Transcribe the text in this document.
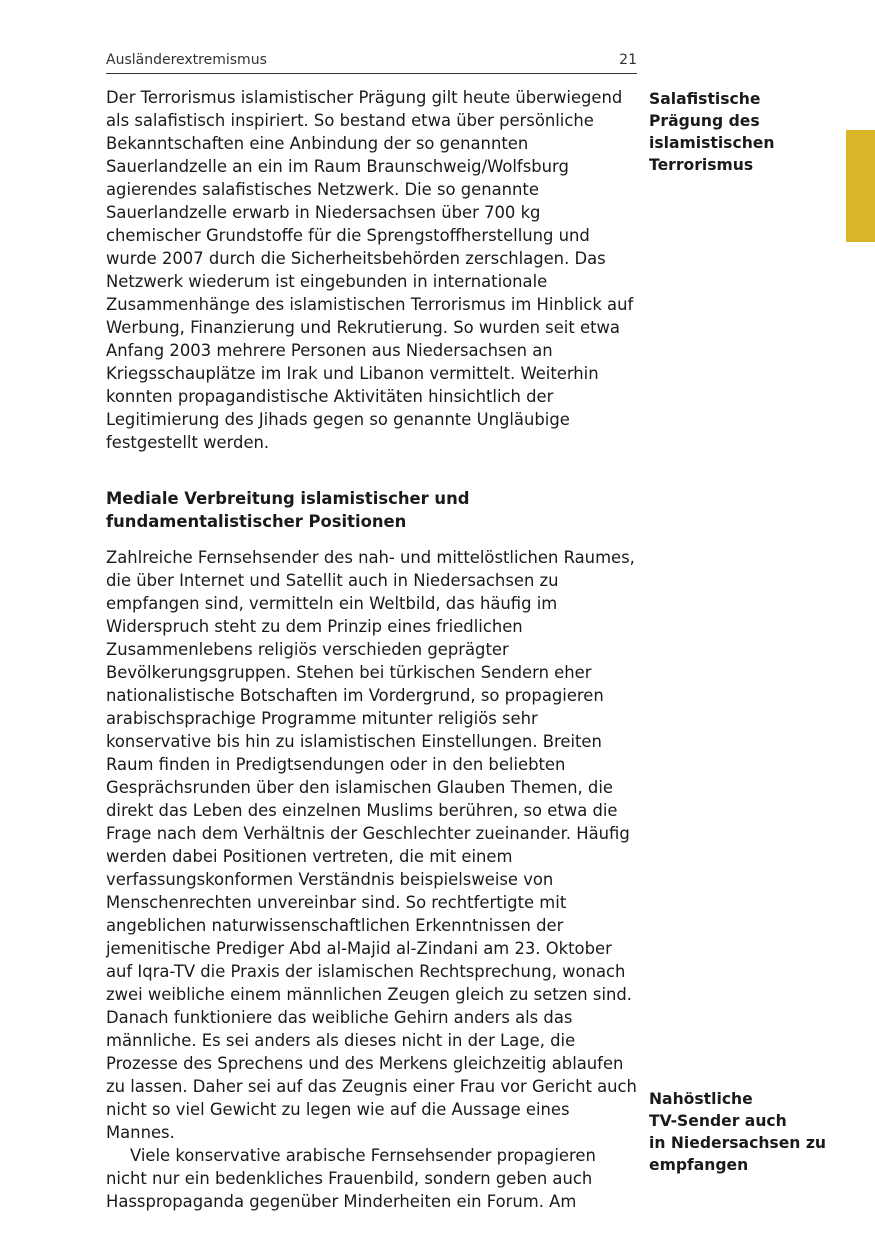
Ausländerextremismus	21

Der Terrorismus islamistischer Prägung gilt heute überwiegend als salafistisch inspiriert. So bestand etwa über persönliche Bekanntschaften eine Anbindung der so genannten Sauerlandzelle an ein im Raum Braunschweig/Wolfsburg agierendes salafistisches Netzwerk. Die so genannte Sauerlandzelle erwarb in Niedersachsen über 700 kg chemischer Grundstoffe für die Sprengstoffherstellung und wurde 2007 durch die Sicherheitsbehörden zerschlagen. Das Netzwerk wiederum ist eingebunden in internationale Zusammenhänge des islamistischen Terrorismus im Hinblick auf Werbung, Finanzierung und Rekrutierung. So wurden seit etwa Anfang 2003 mehrere Personen aus Niedersachsen an Kriegsschauplätze im Irak und Libanon vermittelt. Weiterhin konnten propagandistische Aktivitäten hinsichtlich der Legitimierung des Jihads gegen so genannte Ungläubige festgestellt werden.

Mediale Verbreitung islamistischer und fundamentalistischer Positionen

Zahlreiche Fernsehsender des nah- und mittelöstlichen Raumes, die über Internet und Satellit auch in Niedersachsen zu empfangen sind, vermitteln ein Weltbild, das häufig im Widerspruch steht zu dem Prinzip eines friedlichen Zusammenlebens religiös verschieden geprägter Bevölkerungsgruppen. Stehen bei türkischen Sendern eher nationalistische Botschaften im Vordergrund, so propagieren arabischsprachige Programme mitunter religiös sehr konservative bis hin zu islamistischen Einstellungen. Breiten Raum finden in Predigtsendungen oder in den beliebten Gesprächsrunden über den islamischen Glauben Themen, die direkt das Leben des einzelnen Muslims berühren, so etwa die Frage nach dem Verhältnis der Geschlechter zueinander. Häufig werden dabei Positionen vertreten, die mit einem verfassungskonformen Verständnis beispielsweise von Menschenrechten unvereinbar sind. So rechtfertigte mit angeblichen naturwissenschaftlichen Erkenntnissen der jemenitische Prediger Abd al-Majid al-Zindani am 23. Oktober auf Iqra-TV die Praxis der islamischen Rechtsprechung, wonach zwei weibliche einem männlichen Zeugen gleich zu setzen sind. Danach funktioniere das weibliche Gehirn anders als das männliche. Es sei anders als dieses nicht in der Lage, die Prozesse des Sprechens und des Merkens gleichzeitig ablaufen zu lassen. Daher sei auf das Zeugnis einer Frau vor Gericht auch nicht so viel Gewicht zu legen wie auf die Aussage eines Mannes.

Viele konservative arabische Fernsehsender propagieren nicht nur ein bedenkliches Frauenbild, sondern geben auch Hasspropaganda gegenüber Minderheiten ein Forum. Am

Salafistische
Prägung des
islamistischen
Terrorismus
Nahöstliche
TV-Sender auch
in Niedersachsen zu
empfangen
